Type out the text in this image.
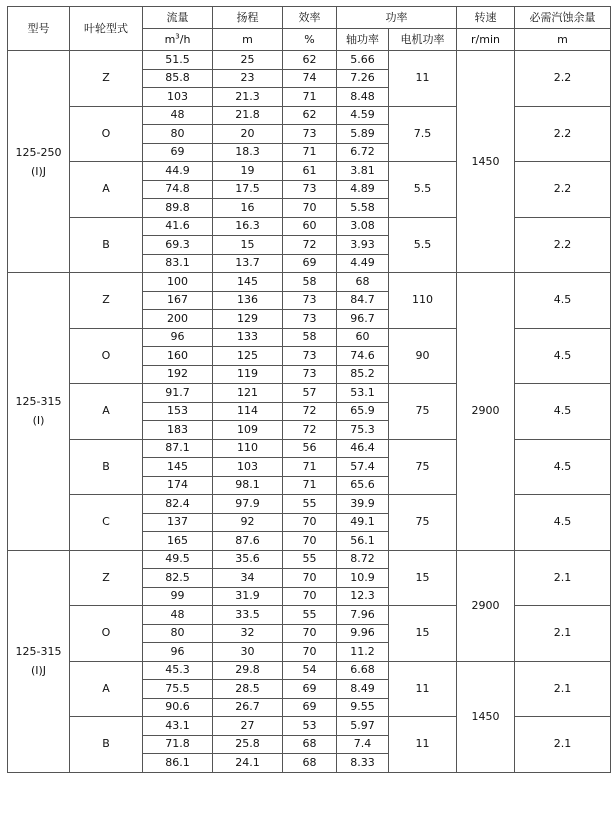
型号	叶轮型式	流量	扬程	效率	功率		转速	必需汽蚀余量
		$m^3/h$	m	%	轴功率	电机功率	r/min	m

125-250
(I)J	Z	51.5	25	62	5.66	11	1450	2.2
		85.8	23	74	7.26			
		103	21.3	71	8.48			
	O	48	21.8	62	4.59	7.5		2.2
		80	20	73	5.89			
		69	18.3	71	6.72			
	A	44.9	19	61	3.81	5.5		2.2
		74.8	17.5	73	4.89			
		89.8	16	70	5.58			
	B	41.6	16.3	60	3.08	5.5		2.2
		69.3	15	72	3.93			
		83.1	13.7	69	4.49			

125-315
(I)	Z	100	145	58	68	110	2900	4.5
		167	136	73	84.7			
		200	129	73	96.7			
	O	96	133	58	60	90		4.5
		160	125	73	74.6			
		192	119	73	85.2			
	A	91.7	121	57	53.1	75		4.5
		153	114	72	65.9			
		183	109	72	75.3			
	B	87.1	110	56	46.4	75		4.5
		145	103	71	57.4			
		174	98.1	71	65.6			
	C	82.4	97.9	55	39.9	75		4.5
		137	92	70	49.1			
		165	87.6	70	56.1			

125-315
(I)J	Z	49.5	35.6	55	8.72	15	2900	2.1
		82.5	34	70	10.9			
		99	31.9	70	12.3			
	O	48	33.5	55	7.96	15		2.1
		80	32	70	9.96			
		96	30	70	11.2			
	A	45.3	29.8	54	6.68	11	1450	2.1
		75.5	28.5	69	8.49			
		90.6	26.7	69	9.55			
	B	43.1	27	53	5.97	11		2.1
		71.8	25.8	68	7.4			
		86.1	24.1	68	8.33			
